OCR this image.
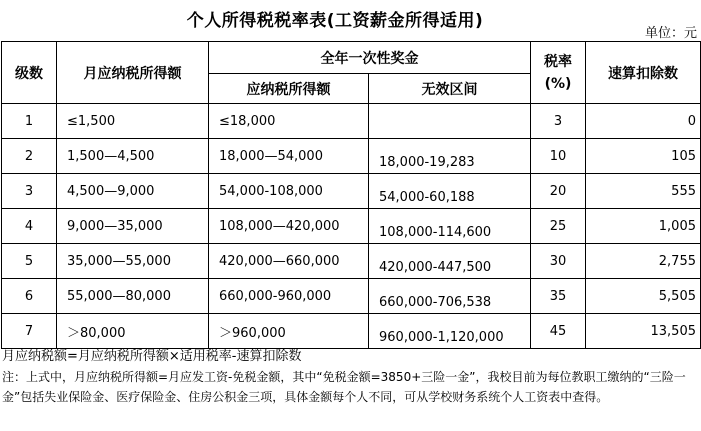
个人所得税税率表(工资薪金所得适用)
单位：元
级数	月应纳税所得额	全年一次性奖金		税率(%)	速算扣除数
		应纳税所得额	无效区间		
1	≤1,500	≤18,000		3	0
2	1,500—4,500	18,000—54,000	18,000-19,283	10	105
3	4,500—9,000	54,000-108,000	54,000-60,188	20	555
4	9,000—35,000	108,000—420,000	108,000-114,600	25	1,005
5	35,000—55,000	420,000—660,000	420,000-447,500	30	2,755
6	55,000—80,000	660,000-960,000	660,000-706,538	35	5,505
7	＞80,000	＞960,000	960,000-1,120,000	45	13,505
月应纳税额=月应纳税所得额×适用税率-速算扣除数
注：上式中，月应纳税所得额=月应发工资-免税金额，其中“免税金额=3850+三险一金”，我校目前为每位教职工缴纳的“三险一金”包括失业保险金、医疗保险金、住房公积金三项，具体金额每个人不同，可从学校财务系统个人工资表中查得。
